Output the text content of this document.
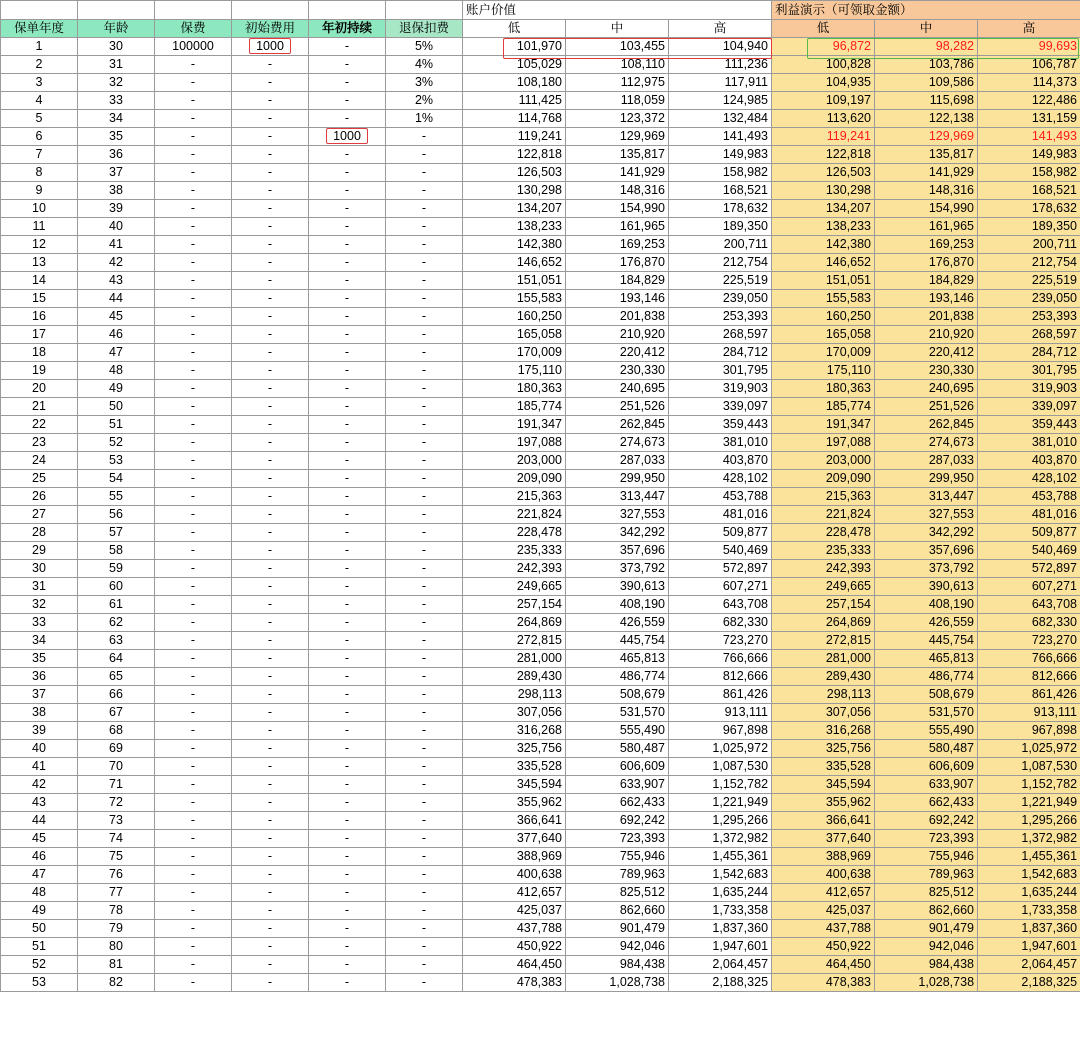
						账户价值			利益演示（可领取金额）		
保单年度	年龄	保费	初始费用	年初持续	退保扣费	低	中	高	低	中	高
1	30	100000	1000	-	5%	101,970	103,455	104,940	96,872	98,282	99,693
2	31	-	-	-	4%	105,029	108,110	111,236	100,828	103,786	106,787
3	32	-	-	-	3%	108,180	112,975	117,911	104,935	109,586	114,373
4	33	-	-	-	2%	111,425	118,059	124,985	109,197	115,698	122,486
5	34	-	-	-	1%	114,768	123,372	132,484	113,620	122,138	131,159
6	35	-	-	1000	-	119,241	129,969	141,493	119,241	129,969	141,493
7	36	-	-	-	-	122,818	135,817	149,983	122,818	135,817	149,983
8	37	-	-	-	-	126,503	141,929	158,982	126,503	141,929	158,982
9	38	-	-	-	-	130,298	148,316	168,521	130,298	148,316	168,521
10	39	-	-	-	-	134,207	154,990	178,632	134,207	154,990	178,632
11	40	-	-	-	-	138,233	161,965	189,350	138,233	161,965	189,350
12	41	-	-	-	-	142,380	169,253	200,711	142,380	169,253	200,711
13	42	-	-	-	-	146,652	176,870	212,754	146,652	176,870	212,754
14	43	-	-	-	-	151,051	184,829	225,519	151,051	184,829	225,519
15	44	-	-	-	-	155,583	193,146	239,050	155,583	193,146	239,050
16	45	-	-	-	-	160,250	201,838	253,393	160,250	201,838	253,393
17	46	-	-	-	-	165,058	210,920	268,597	165,058	210,920	268,597
18	47	-	-	-	-	170,009	220,412	284,712	170,009	220,412	284,712
19	48	-	-	-	-	175,110	230,330	301,795	175,110	230,330	301,795
20	49	-	-	-	-	180,363	240,695	319,903	180,363	240,695	319,903
21	50	-	-	-	-	185,774	251,526	339,097	185,774	251,526	339,097
22	51	-	-	-	-	191,347	262,845	359,443	191,347	262,845	359,443
23	52	-	-	-	-	197,088	274,673	381,010	197,088	274,673	381,010
24	53	-	-	-	-	203,000	287,033	403,870	203,000	287,033	403,870
25	54	-	-	-	-	209,090	299,950	428,102	209,090	299,950	428,102
26	55	-	-	-	-	215,363	313,447	453,788	215,363	313,447	453,788
27	56	-	-	-	-	221,824	327,553	481,016	221,824	327,553	481,016
28	57	-	-	-	-	228,478	342,292	509,877	228,478	342,292	509,877
29	58	-	-	-	-	235,333	357,696	540,469	235,333	357,696	540,469
30	59	-	-	-	-	242,393	373,792	572,897	242,393	373,792	572,897
31	60	-	-	-	-	249,665	390,613	607,271	249,665	390,613	607,271
32	61	-	-	-	-	257,154	408,190	643,708	257,154	408,190	643,708
33	62	-	-	-	-	264,869	426,559	682,330	264,869	426,559	682,330
34	63	-	-	-	-	272,815	445,754	723,270	272,815	445,754	723,270
35	64	-	-	-	-	281,000	465,813	766,666	281,000	465,813	766,666
36	65	-	-	-	-	289,430	486,774	812,666	289,430	486,774	812,666
37	66	-	-	-	-	298,113	508,679	861,426	298,113	508,679	861,426
38	67	-	-	-	-	307,056	531,570	913,111	307,056	531,570	913,111
39	68	-	-	-	-	316,268	555,490	967,898	316,268	555,490	967,898
40	69	-	-	-	-	325,756	580,487	1,025,972	325,756	580,487	1,025,972
41	70	-	-	-	-	335,528	606,609	1,087,530	335,528	606,609	1,087,530
42	71	-	-	-	-	345,594	633,907	1,152,782	345,594	633,907	1,152,782
43	72	-	-	-	-	355,962	662,433	1,221,949	355,962	662,433	1,221,949
44	73	-	-	-	-	366,641	692,242	1,295,266	366,641	692,242	1,295,266
45	74	-	-	-	-	377,640	723,393	1,372,982	377,640	723,393	1,372,982
46	75	-	-	-	-	388,969	755,946	1,455,361	388,969	755,946	1,455,361
47	76	-	-	-	-	400,638	789,963	1,542,683	400,638	789,963	1,542,683
48	77	-	-	-	-	412,657	825,512	1,635,244	412,657	825,512	1,635,244
49	78	-	-	-	-	425,037	862,660	1,733,358	425,037	862,660	1,733,358
50	79	-	-	-	-	437,788	901,479	1,837,360	437,788	901,479	1,837,360
51	80	-	-	-	-	450,922	942,046	1,947,601	450,922	942,046	1,947,601
52	81	-	-	-	-	464,450	984,438	2,064,457	464,450	984,438	2,064,457
53	82	-	-	-	-	478,383	1,028,738	2,188,325	478,383	1,028,738	2,188,325
